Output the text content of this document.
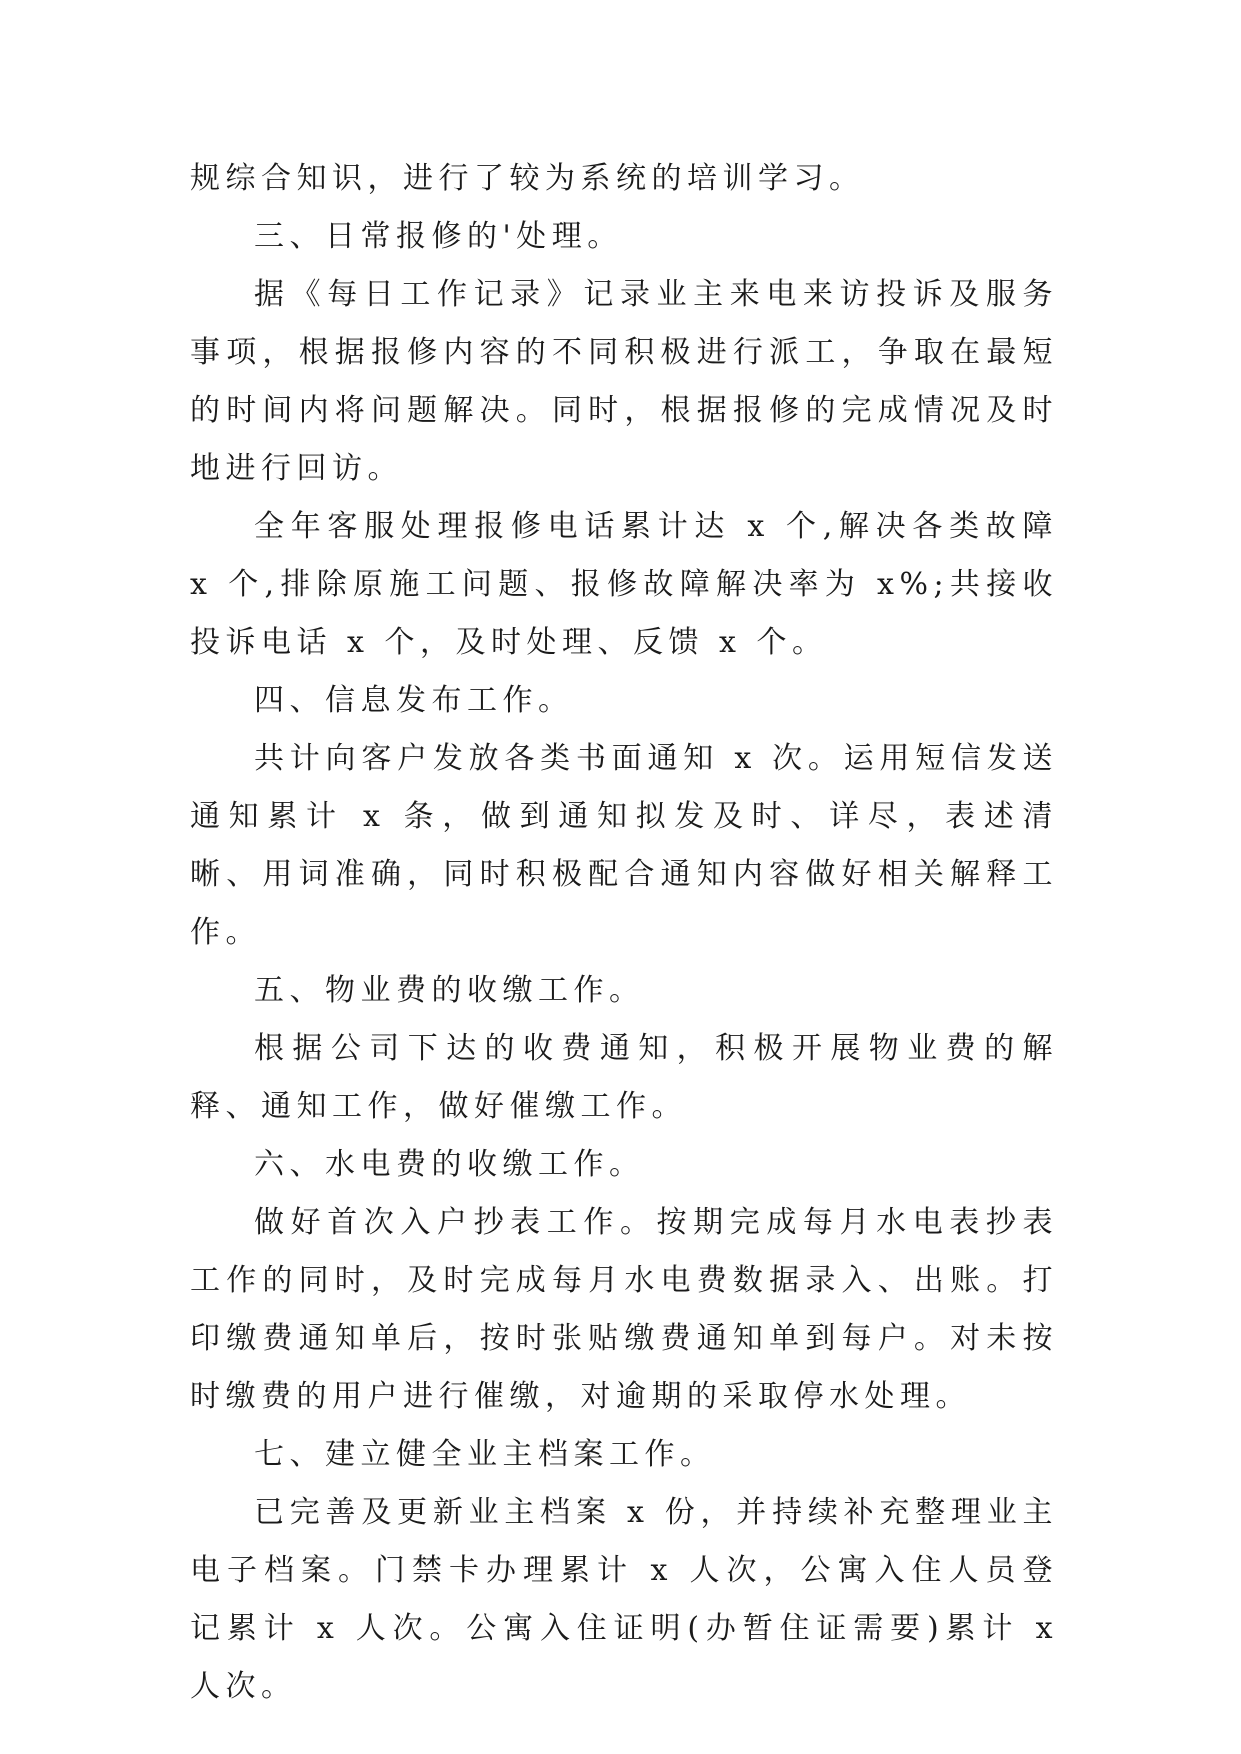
规综合知识，进行了较为系统的培训学习。

三、日常报修的'处理。

据《每日工作记录》记录业主来电来访投诉及服务事项，根据报修内容的不同积极进行派工，争取在最短的时间内将问题解决。同时，根据报修的完成情况及时地进行回访。

全年客服处理报修电话累计达 x 个,解决各类故障 x 个,排除原施工问题、报修故障解决率为 x%;共接收投诉电话 x 个，及时处理、反馈 x 个。

四、信息发布工作。

共计向客户发放各类书面通知 x 次。运用短信发送通知累计 x 条，做到通知拟发及时、详尽，表述清晰、用词准确，同时积极配合通知内容做好相关解释工作。

五、物业费的收缴工作。

根据公司下达的收费通知，积极开展物业费的解释、通知工作，做好催缴工作。

六、水电费的收缴工作。

做好首次入户抄表工作。按期完成每月水电表抄表工作的同时，及时完成每月水电费数据录入、出账。打印缴费通知单后，按时张贴缴费通知单到每户。对未按时缴费的用户进行催缴，对逾期的采取停水处理。

七、建立健全业主档案工作。

已完善及更新业主档案 x 份，并持续补充整理业主电子档案。门禁卡办理累计 x 人次，公寓入住人员登记累计 x 人次。公寓入住证明(办暂住证需要)累计 x 人次。
